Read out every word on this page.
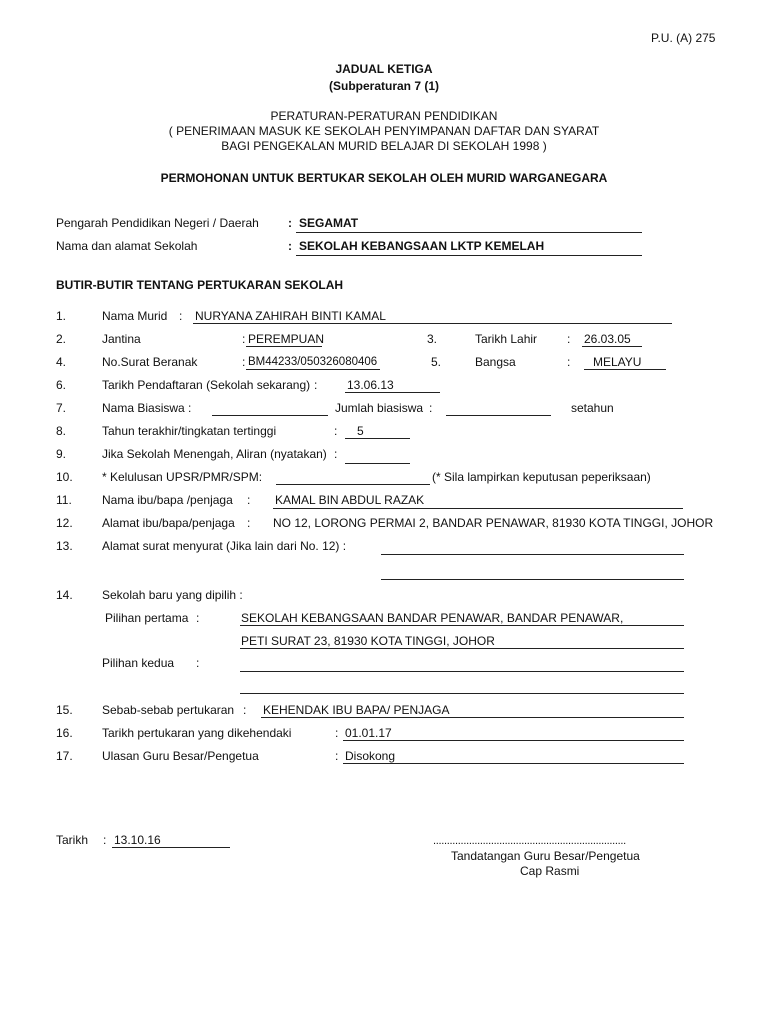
P.U. (A) 275
JADUAL KETIGA
(Subperaturan 7 (1)
PERATURAN-PERATURAN PENDIDIKAN
( PENERIMAAN MASUK KE SEKOLAH PENYIMPANAN DAFTAR DAN SYARAT
BAGI PENGEKALAN MURID BELAJAR DI SEKOLAH 1998 )
PERMOHONAN UNTUK BERTUKAR SEKOLAH OLEH MURID WARGANEGARA
Pengarah Pendidikan Negeri / Daerah : SEGAMAT
Nama dan alamat Sekolah	: SEKOLAH KEBANGSAAN LKTP KEMELAH
BUTIR-BUTIR TENTANG PERTUKARAN SEKOLAH
1.	Nama Murid : NURYANA ZAHIRAH BINTI KAMAL
2.	Jantina	: PEREMPUAN	3.	Tarikh Lahir : 26.03.05
4.	No.Surat Beranak	: BM44233/050326080406	5.	Bangsa	: MELAYU
6.	Tarikh Pendaftaran (Sekolah sekarang) : 13.06.13
7.	Nama Biasiswa :	Jumlah biasiswa :	setahun
8.	Tahun terakhir/tingkatan tertinggi	: 5
9.	Jika Sekolah Menengah, Aliran (nyatakan) :
10. * Kelulusan UPSR/PMR/SPM:	(* Sila lampirkan keputusan peperiksaan)
11.	Nama ibu/bapa /penjaga : KAMAL BIN ABDUL RAZAK
12. Alamat ibu/bapa/penjaga : NO 12, LORONG PERMAI 2, BANDAR PENAWAR, 81930 KOTA TINGGI, JOHOR
13. Alamat surat menyurat (Jika lain dari No. 12) :
14. Sekolah baru yang dipilih :
Pilihan pertama :	SEKOLAH KEBANGSAAN BANDAR PENAWAR, BANDAR PENAWAR,
PETI SURAT 23, 81930 KOTA TINGGI, JOHOR
Pilihan kedua :
15. Sebab-sebab pertukaran : KEHENDAK IBU BAPA/ PENJAGA
16. Tarikh pertukaran yang dikehendaki	: 01.01.17
17. Ulasan Guru Besar/Pengetua	: Disokong
Tarikh : 13.10.16	......................................................................
Tandatangan Guru Besar/Pengetua
Cap Rasmi
